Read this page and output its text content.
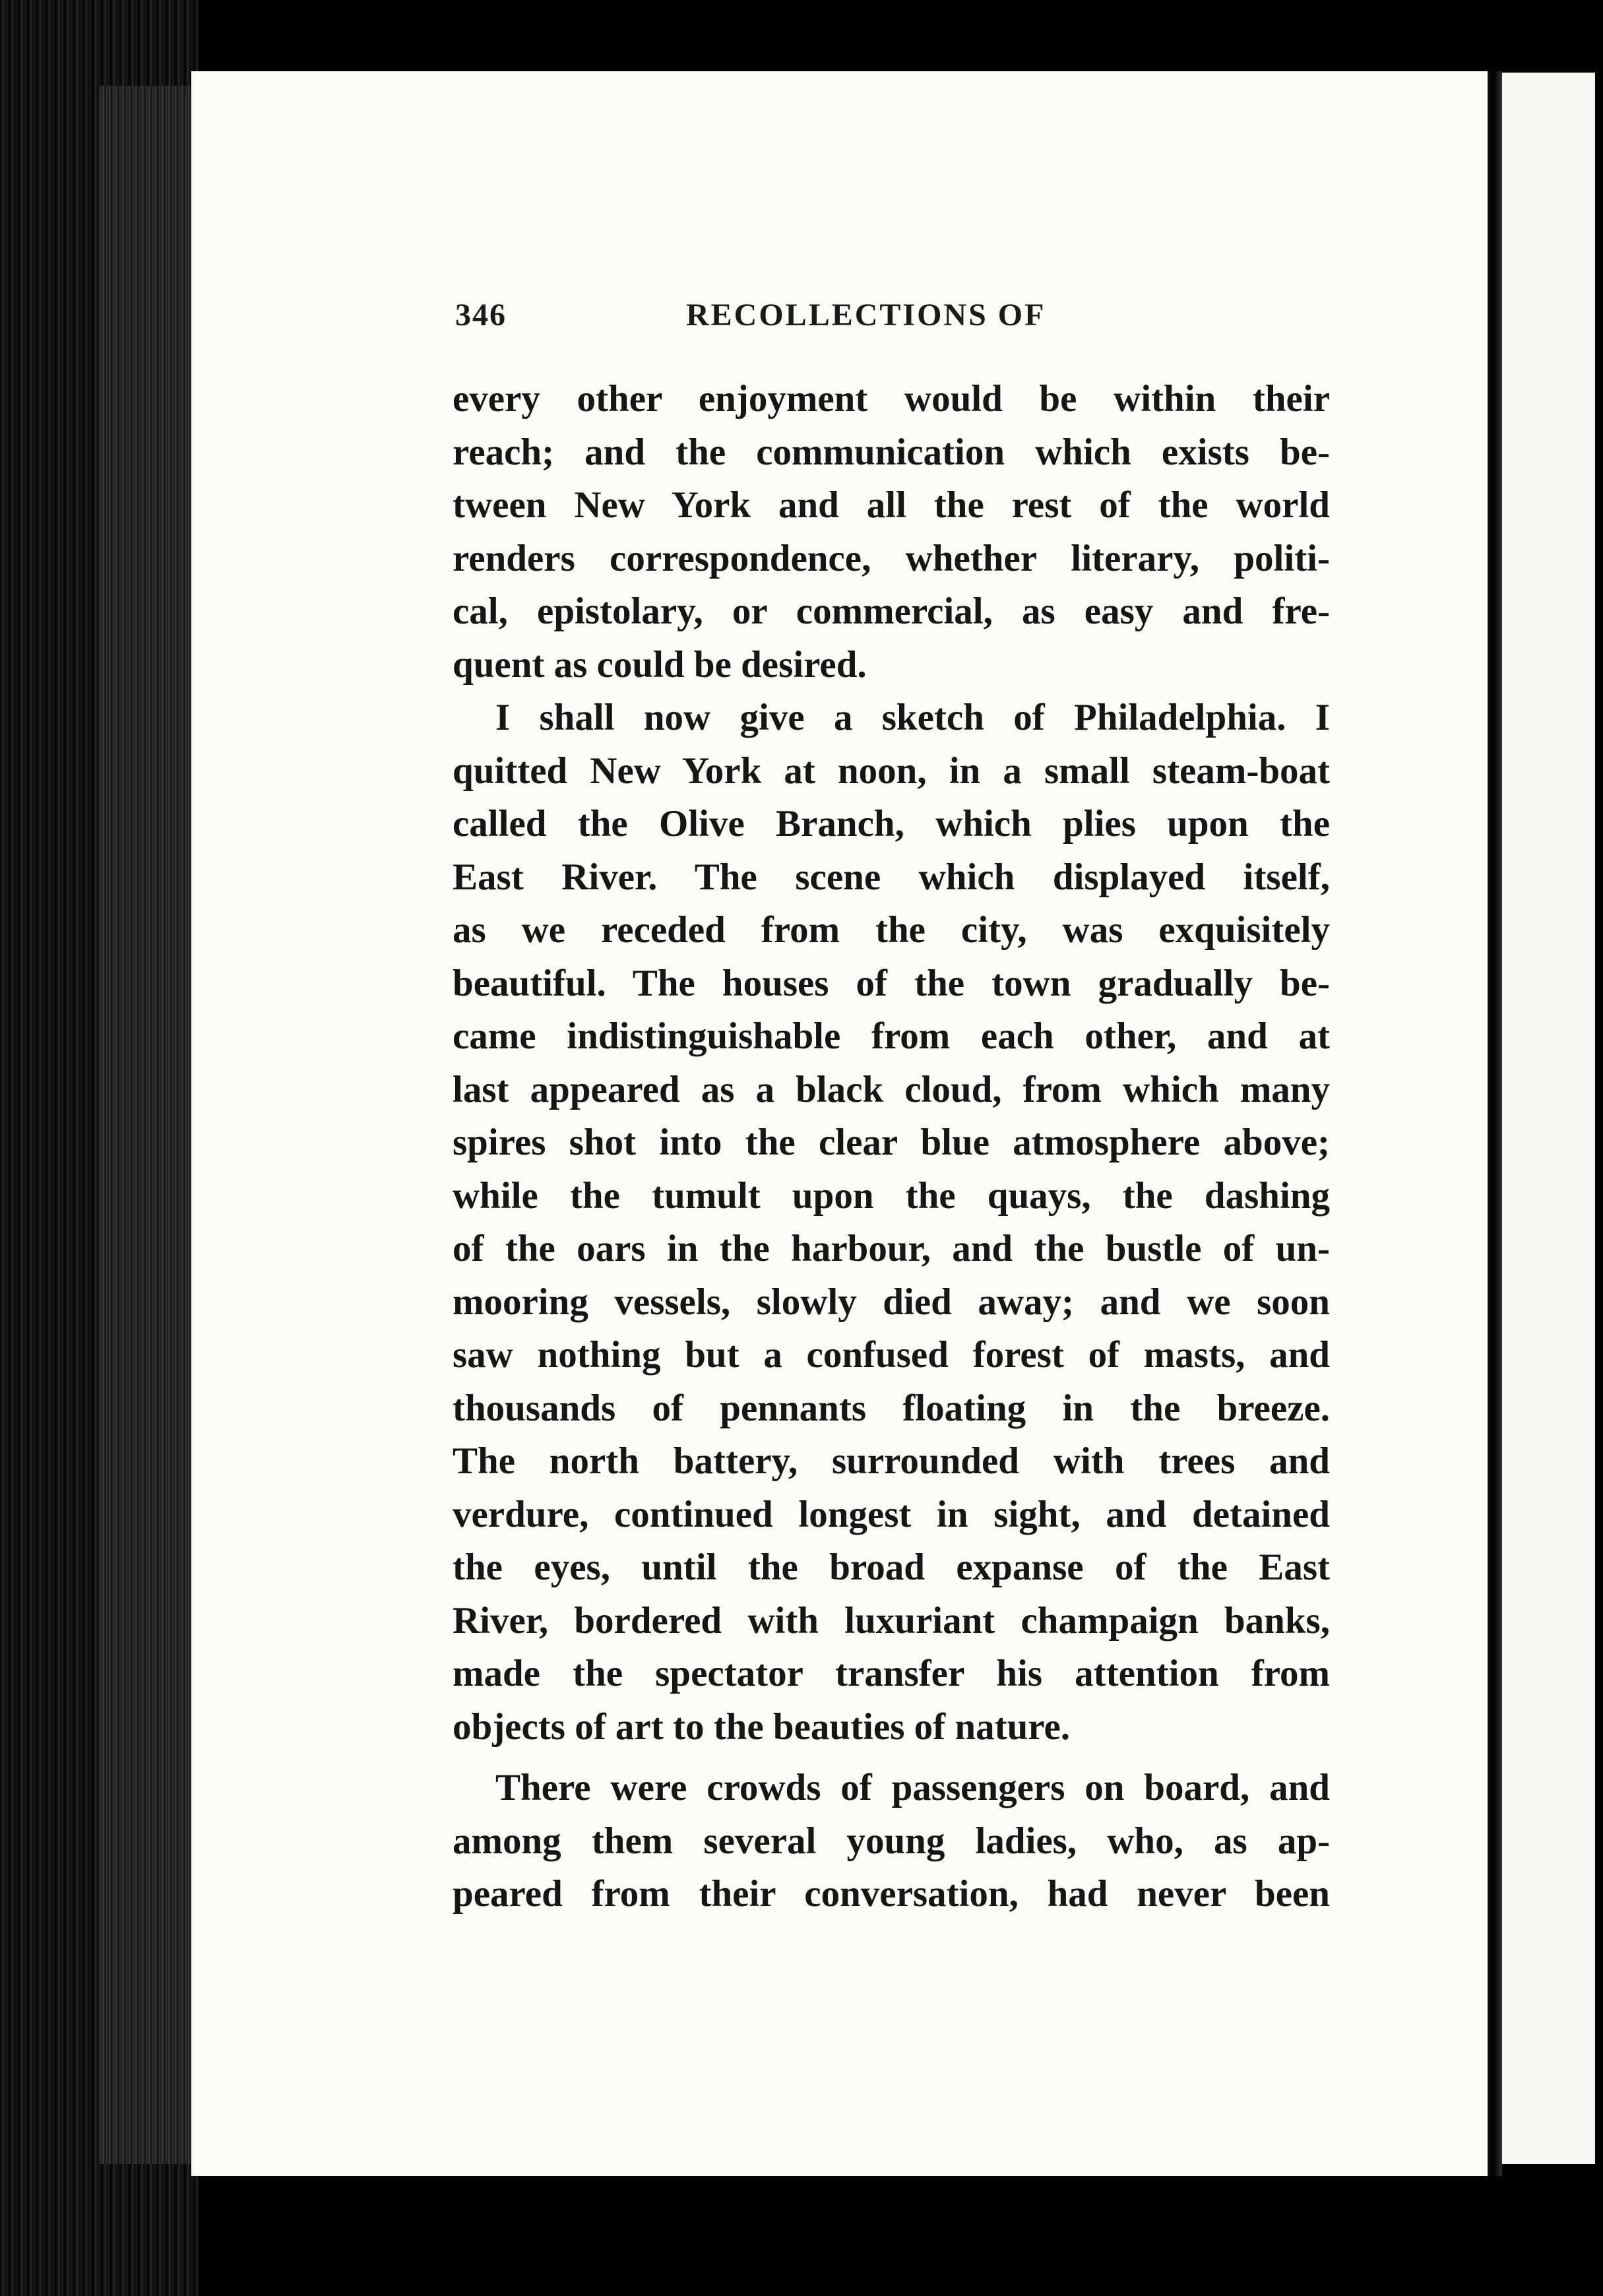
346	RECOLLECTIONS OF
every other enjoyment would be within their
reach; and the communication which exists be-
tween New York and all the rest of the world
renders correspondence, whether literary, politi-
cal, epistolary, or commercial, as easy and fre-
quent as could be desired.
I shall now give a sketch of Philadelphia. I
quitted New York at noon, in a small steam-boat
called the Olive Branch, which plies upon the
East River. The scene which displayed itself,
as we receded from the city, was exquisitely
beautiful. The houses of the town gradually be-
came indistinguishable from each other, and at
last appeared as a black cloud, from which many
spires shot into the clear blue atmosphere above;
while the tumult upon the quays, the dashing
of the oars in the harbour, and the bustle of un-
mooring vessels, slowly died away; and we soon
saw nothing but a confused forest of masts, and
thousands of pennants floating in the breeze.
The north battery, surrounded with trees and
verdure, continued longest in sight, and detained
the eyes, until the broad expanse of the East
River, bordered with luxuriant champaign banks,
made the spectator transfer his attention from
objects of art to the beauties of nature.
There were crowds of passengers on board, and
among them several young ladies, who, as ap-
peared from their conversation, had never been
